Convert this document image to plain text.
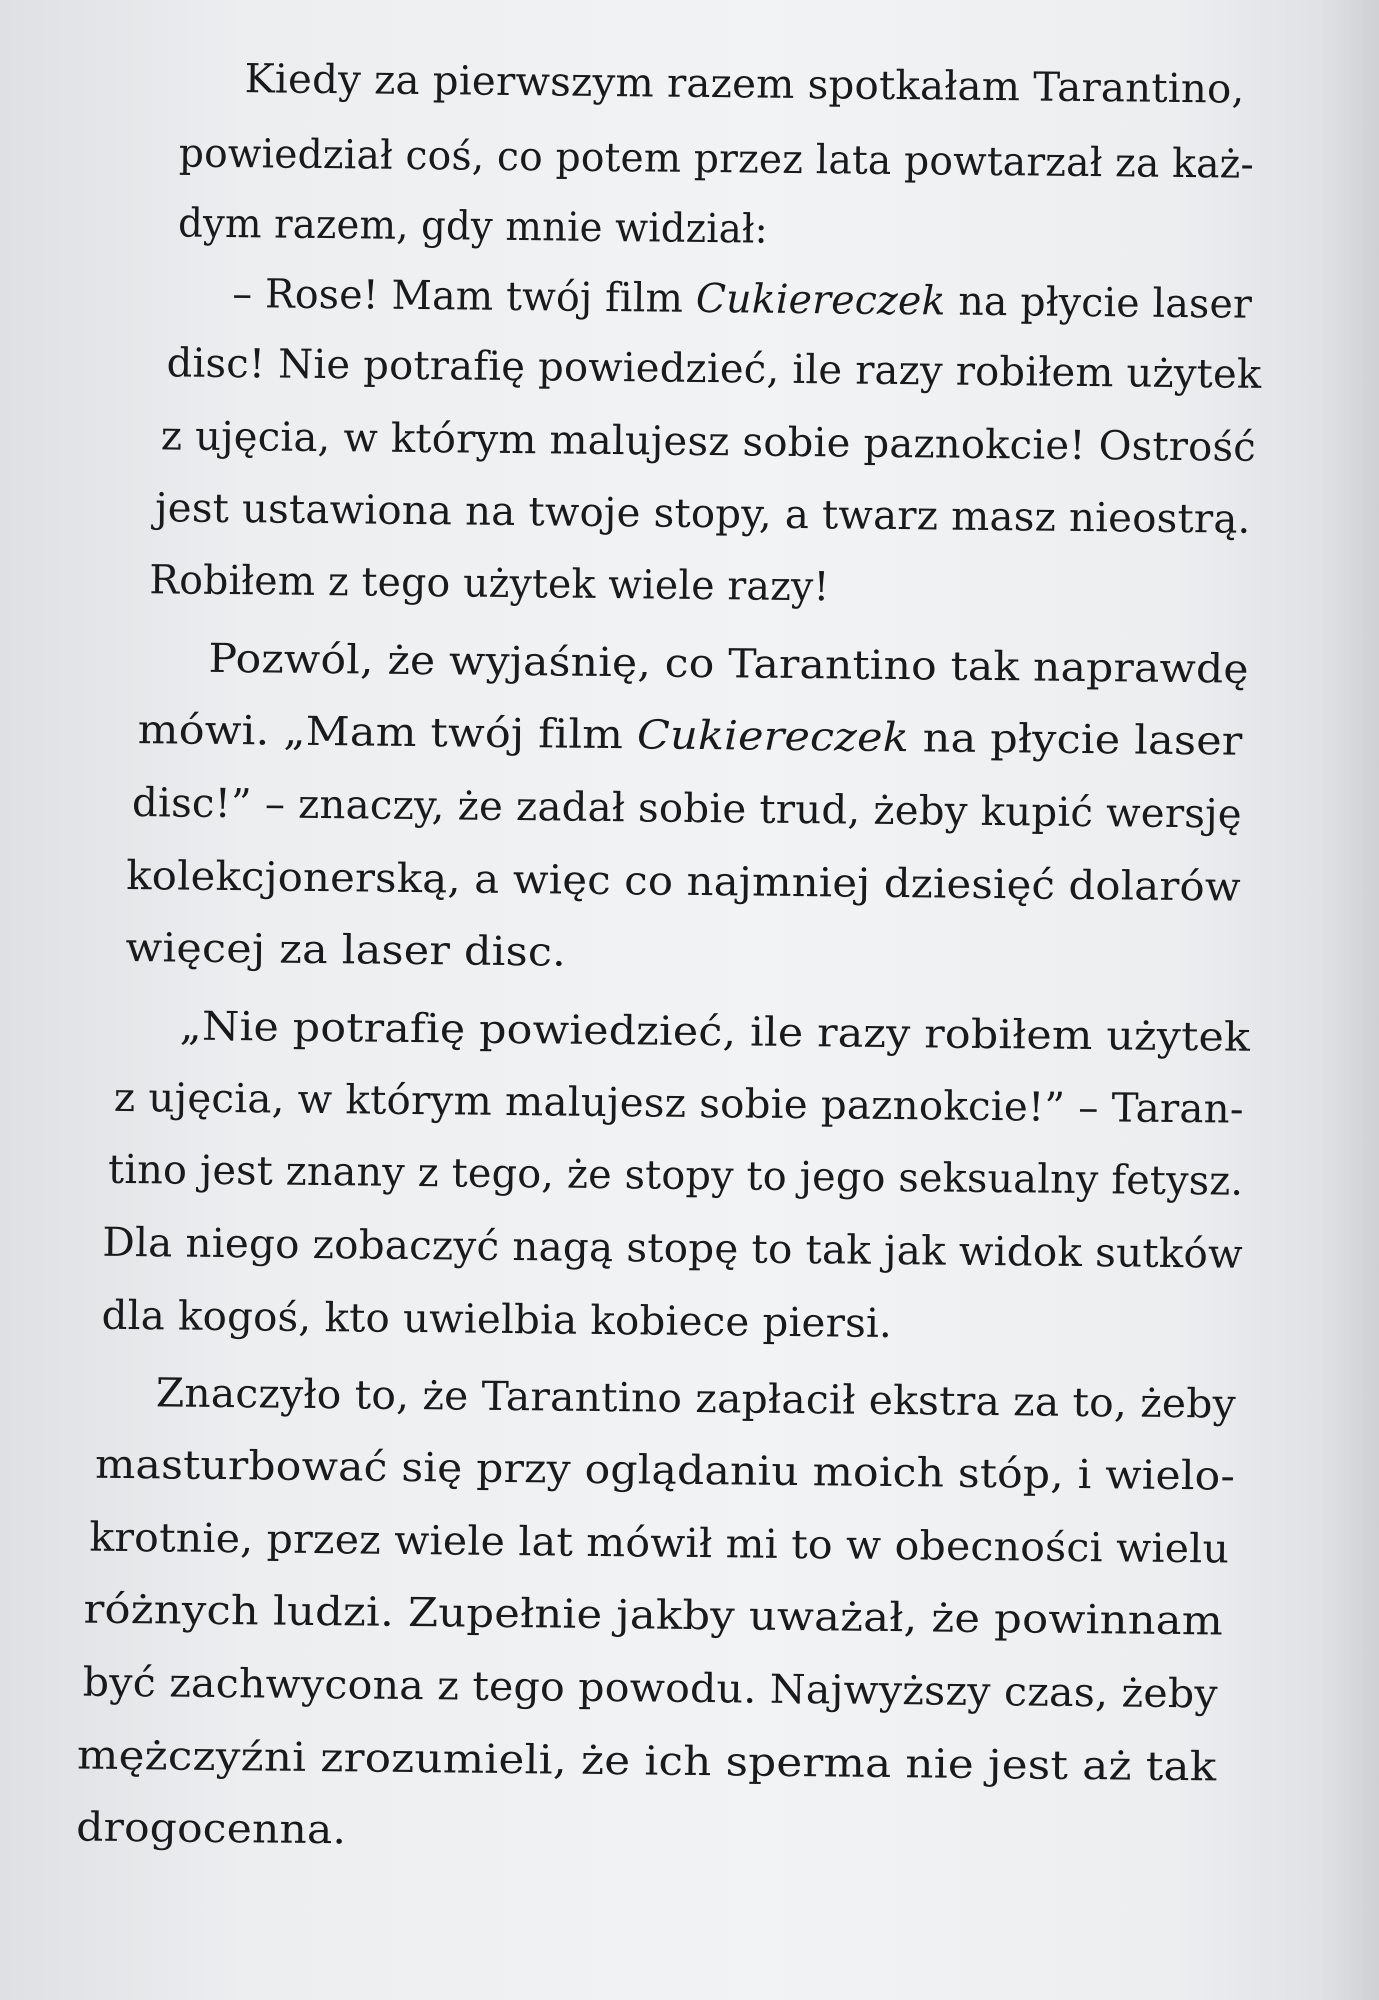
Kiedy za pierwszym razem spotkałam Tarantino,
powiedział coś, co potem przez lata powtarzał za każ-
dym razem, gdy mnie widział:
– Rose! Mam twój film Cukiereczek na płycie laser
disc! Nie potrafię powiedzieć, ile razy robiłem użytek
z ujęcia, w którym malujesz sobie paznokcie! Ostrość
jest ustawiona na twoje stopy, a twarz masz nieostrą.
Robiłem z tego użytek wiele razy!
Pozwól, że wyjaśnię, co Tarantino tak naprawdę
mówi. „Mam twój film Cukiereczek na płycie laser
disc!” – znaczy, że zadał sobie trud, żeby kupić wersję
kolekcjonerską, a więc co najmniej dziesięć dolarów
więcej za laser disc.
„Nie potrafię powiedzieć, ile razy robiłem użytek
z ujęcia, w którym malujesz sobie paznokcie!” – Taran-
tino jest znany z tego, że stopy to jego seksualny fetysz.
Dla niego zobaczyć nagą stopę to tak jak widok sutków
dla kogoś, kto uwielbia kobiece piersi.
Znaczyło to, że Tarantino zapłacił ekstra za to, żeby
masturbować się przy oglądaniu moich stóp, i wielo-
krotnie, przez wiele lat mówił mi to w obecności wielu
różnych ludzi. Zupełnie jakby uważał, że powinnam
być zachwycona z tego powodu. Najwyższy czas, żeby
mężczyźni zrozumieli, że ich sperma nie jest aż tak
drogocenna.
